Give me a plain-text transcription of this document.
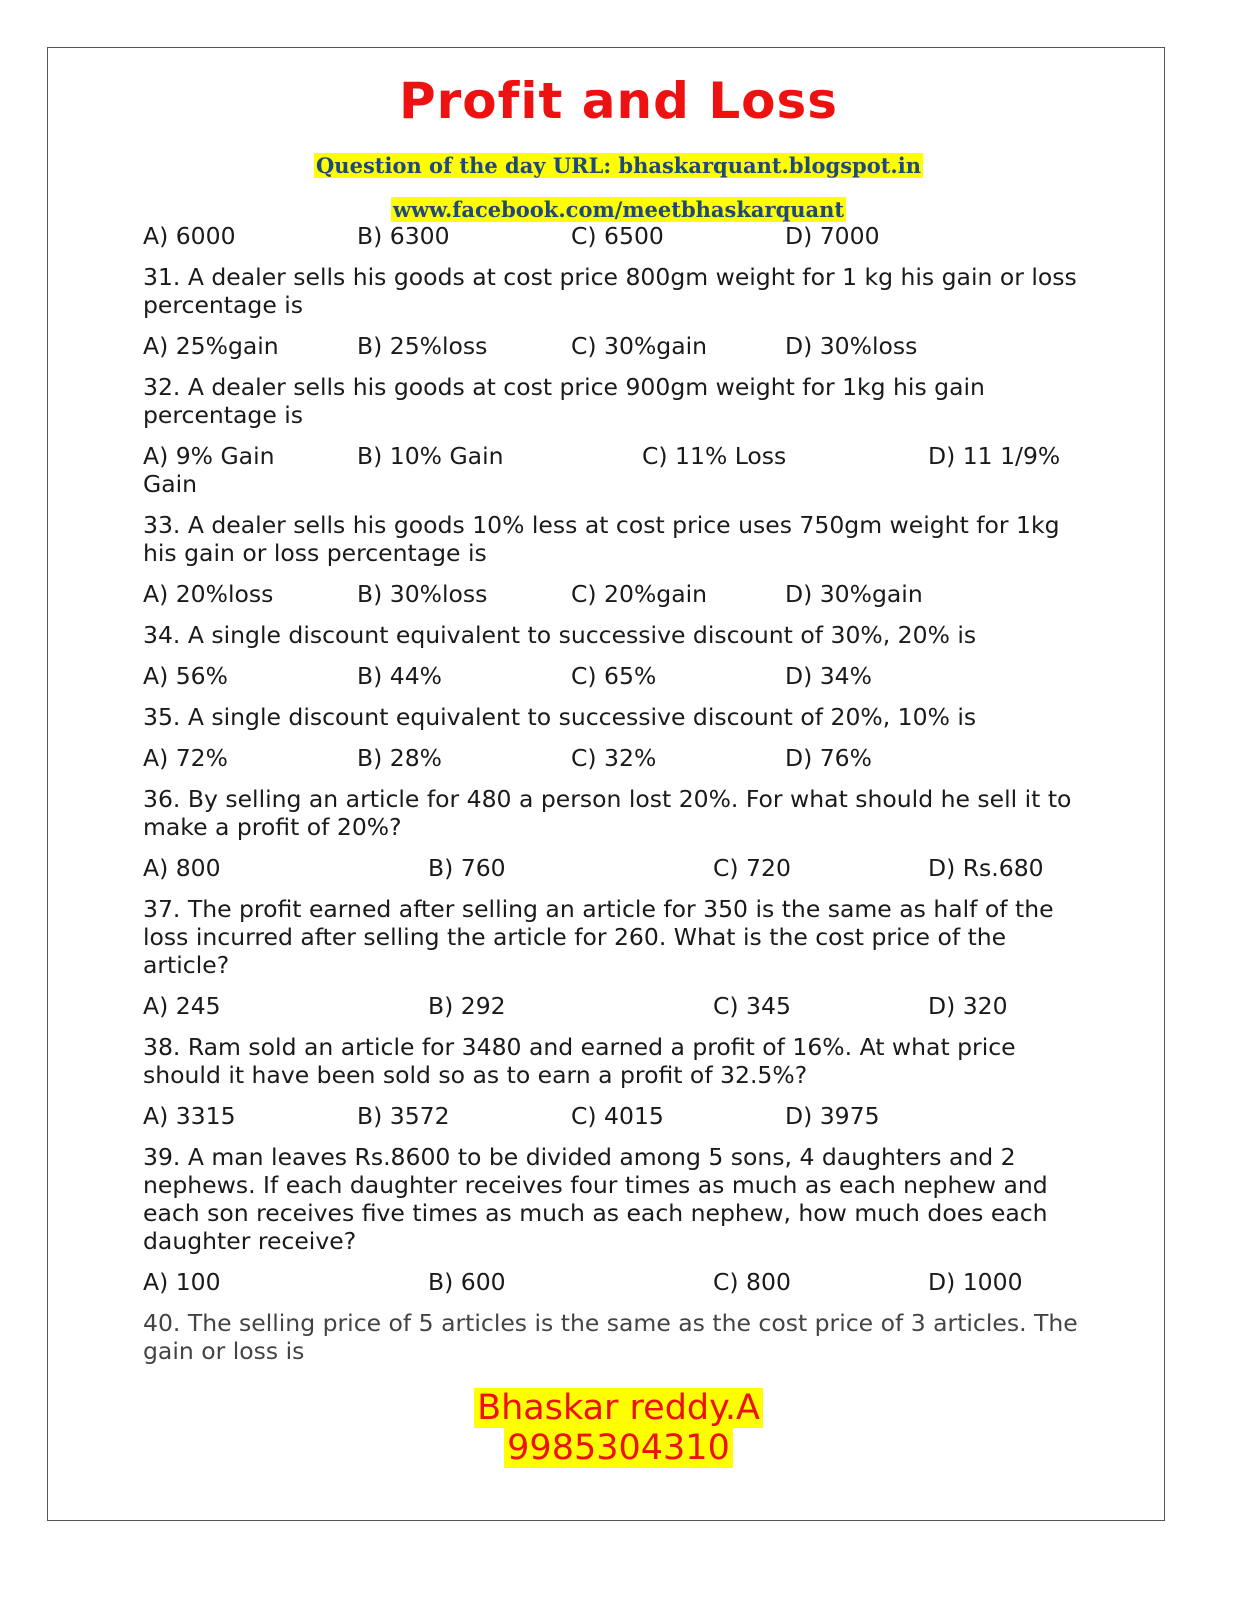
Profit and Loss
Question of the day URL: bhaskarquant.blogspot.in
www.facebook.com/meetbhaskarquant
A) 6000	B) 6300	C) 6500	D) 7000

31. A dealer sells his goods at cost price 800gm weight for 1 kg his gain or loss percentage is

A) 25%gain	B) 25%loss	C) 30%gain	D) 30%loss

32. A dealer sells his goods at cost price 900gm weight for 1kg his gain percentage is

A) 9% Gain	B) 10% Gain	C) 11% Loss	D) 11 1/9% Gain

33. A dealer sells his goods 10% less at cost price uses 750gm weight for 1kg his gain or loss percentage is

A) 20%loss	B) 30%loss	C) 20%gain	D) 30%gain

34. A single discount equivalent to successive discount of 30%, 20% is

A) 56%	B) 44%	C) 65%	D) 34%

35. A single discount equivalent to successive discount of 20%, 10% is

A) 72%	B) 28%	C) 32%	D) 76%

36. By selling an article for 480 a person lost 20%. For what should he sell it to make a profit of 20%?

A) 800	B) 760	C) 720	D) Rs.680

37. The profit earned after selling an article for 350 is the same as half of the loss incurred after selling the article for 260. What is the cost price of the article?

A) 245	B) 292	C) 345	D) 320

38. Ram sold an article for 3480 and earned a profit of 16%. At what price should it have been sold so as to earn a profit of 32.5%?

A) 3315	B) 3572	C) 4015	D) 3975

39. A man leaves Rs.8600 to be divided among 5 sons, 4 daughters and 2 nephews. If each daughter receives four times as much as each nephew and each son receives five times as much as each nephew, how much does each daughter receive?

A) 100	B) 600	C) 800	D) 1000

40. The selling price of 5 articles is the same as the cost price of 3 articles. The gain or loss is

Bhaskar reddy.A
9985304310
